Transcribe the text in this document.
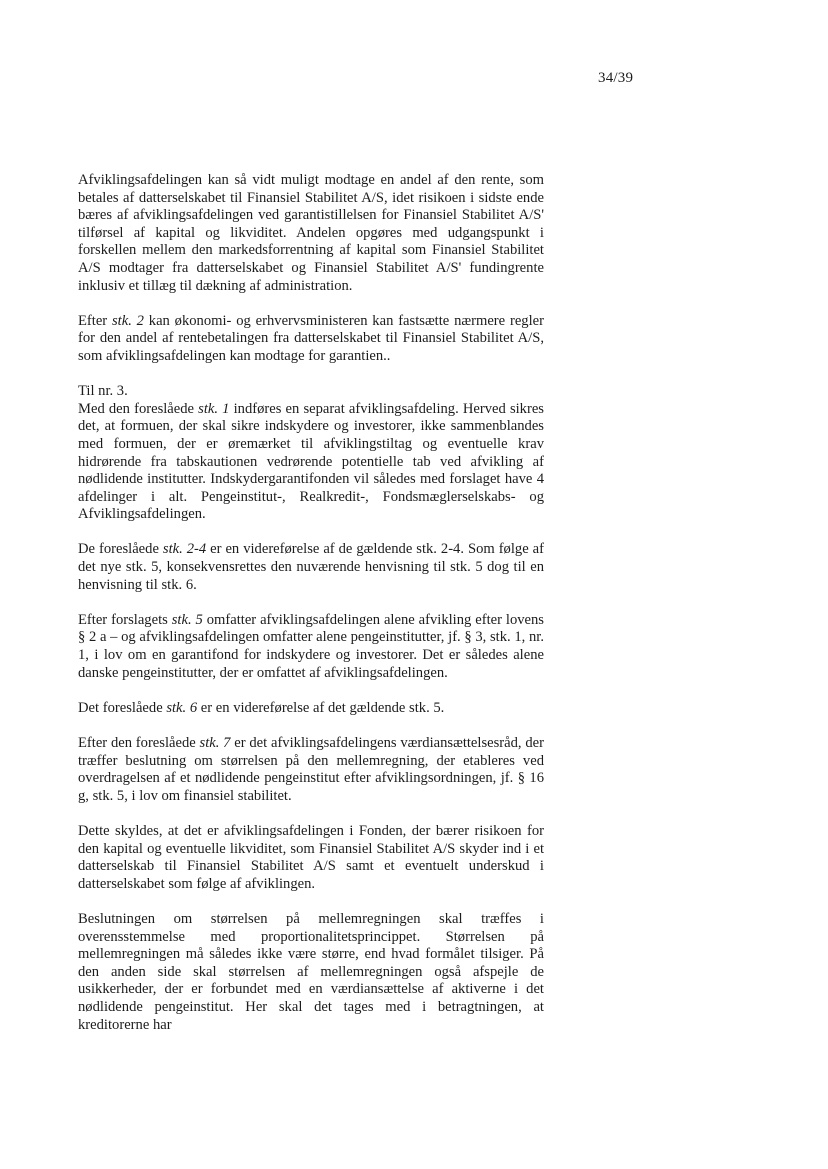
34/39

Afviklingsafdelingen kan så vidt muligt modtage en andel af den rente, som betales af datterselskabet til Finansiel Stabilitet A/S, idet risikoen i sidste ende bæres af afviklingsafdelingen ved garantistillelsen for Finansiel Stabilitet A/S' tilførsel af kapital og likviditet. Andelen opgøres med udgangspunkt i forskellen mellem den markedsforrentning af kapital som Finansiel Stabilitet A/S modtager fra datterselskabet og Finansiel Stabilitet A/S' fundingrente inklusiv et tillæg til dækning af administration.

Efter stk. 2 kan økonomi- og erhvervsministeren kan fastsætte nærmere regler for den andel af rentebetalingen fra datterselskabet til Finansiel Stabilitet A/S, som afviklingsafdelingen kan modtage for garantien..

Til nr. 3.

Med den foreslåede stk. 1 indføres en separat afviklingsafdeling. Herved sikres det, at formuen, der skal sikre indskydere og investorer, ikke sammenblandes med formuen, der er øremærket til afviklingstiltag og eventuelle krav hidrørende fra tabskautionen vedrørende potentielle tab ved afvikling af nødlidende institutter. Indskydergarantifonden vil således med forslaget have 4 afdelinger i alt. Pengeinstitut-, Realkredit-, Fondsmæglerselskabs- og Afviklingsafdelingen.

De foreslåede stk. 2-4 er en videreførelse af de gældende stk. 2-4. Som følge af det nye stk. 5, konsekvensrettes den nuværende henvisning til stk. 5 dog til en henvisning til stk. 6.

Efter forslagets stk. 5 omfatter afviklingsafdelingen alene afvikling efter lovens § 2 a – og afviklingsafdelingen omfatter alene pengeinstitutter, jf. § 3, stk. 1, nr. 1, i lov om en garantifond for indskydere og investorer. Det er således alene danske pengeinstitutter, der er omfattet af afviklingsafdelingen.

Det foreslåede stk. 6 er en videreførelse af det gældende stk. 5.

Efter den foreslåede stk. 7 er det afviklingsafdelingens værdiansættelsesråd, der træffer beslutning om størrelsen på den mellemregning, der etableres ved overdragelsen af et nødlidende pengeinstitut efter afviklingsordningen, jf. § 16 g, stk. 5, i lov om finansiel stabilitet.

Dette skyldes, at det er afviklingsafdelingen i Fonden, der bærer risikoen for den kapital og eventuelle likviditet, som Finansiel Stabilitet A/S skyder ind i et datterselskab til Finansiel Stabilitet A/S samt et eventuelt underskud i datterselskabet som følge af afviklingen.

Beslutningen om størrelsen på mellemregningen skal træffes i overensstemmelse med proportionalitetsprincippet. Størrelsen på mellemregningen må således ikke være større, end hvad formålet tilsiger. På den anden side skal størrelsen af mellemregningen også afspejle de usikkerheder, der er forbundet med en værdiansættelse af aktiverne i det nødlidende pengeinstitut. Her skal det tages med i betragtningen, at kreditorerne har
